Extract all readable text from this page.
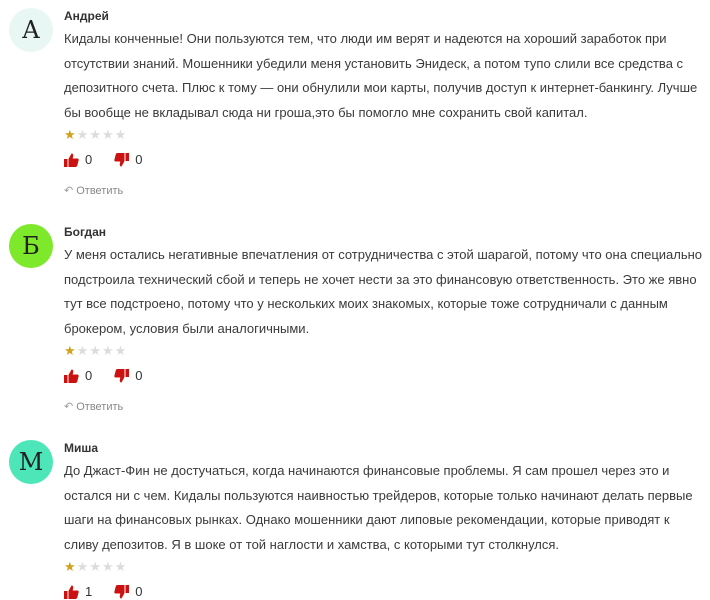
А Андрей

Кидалы конченные! Они пользуются тем, что люди им верят и надеются на хороший заработок при отсутствии знаний. Мошенники убедили меня установить Энидеск, а потом тупо слили все средства с депозитного счета. Плюс к тому — они обнулили мои карты, получив доступ к интернет-банкингу. Лучше бы вообще не вкладывал сюда ни гроша,это бы помогло мне сохранить свой капитал.

★ ★ ★ ★ ★
0	0
↶ Ответить
Б Богдан

У меня остались негативные впечатления от сотрудничества с этой шарагой, потому что она специально подстроила технический сбой и теперь не хочет нести за это финансовую ответственность. Это же явно тут все подстроено, потому что у нескольких моих знакомых, которые тоже сотрудничали с данным брокером, условия были аналогичными.

★ ★ ★ ★ ★
0	0
↶ Ответить
М Миша

До Джаст-Фин не достучаться, когда начинаются финансовые проблемы. Я сам прошел через это и остался ни с чем. Кидалы пользуются наивностью трейдеров, которые только начинают делать первые шаги на финансовых рынках. Однако мошенники дают липовые рекомендации, которые приводят к сливу депозитов. Я в шоке от той наглости и хамства, с которыми тут столкнулся.

★ ★ ★ ★ ★
1	0
